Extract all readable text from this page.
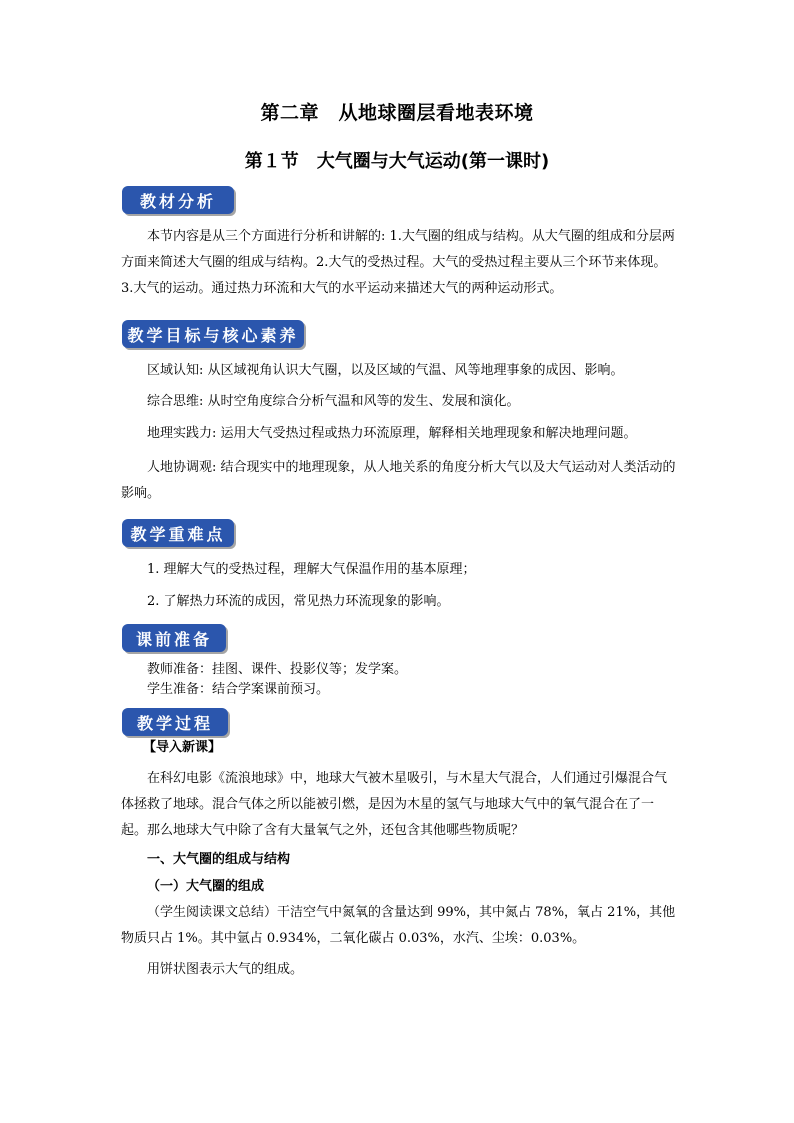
第二章　从地球圈层看地表环境
第１节　大气圈与大气运动(第一课时)
教材分析
本节内容是从三个方面进行分析和讲解的: 1.大气圈的组成与结构。从大气圈的组成和分层两方面来简述大气圈的组成与结构。2.大气的受热过程。大气的受热过程主要从三个环节来体现。3.大气的运动。通过热力环流和大气的水平运动来描述大气的两种运动形式。
教学目标与核心素养
区域认知: 从区域视角认识大气圈，以及区域的气温、风等地理事象的成因、影响。
综合思维: 从时空角度综合分析气温和风等的发生、发展和演化。
地理实践力: 运用大气受热过程或热力环流原理，解释相关地理现象和解决地理问题。
人地协调观: 结合现实中的地理现象，从人地关系的角度分析大气以及大气运动对人类活动的影响。
教学重难点
1. 理解大气的受热过程，理解大气保温作用的基本原理；
2. 了解热力环流的成因，常见热力环流现象的影响。
课前准备
教师准备：挂图、课件、投影仪等；发学案。
学生准备：结合学案课前预习。
教学过程
【导入新课】
在科幻电影《流浪地球》中，地球大气被木星吸引，与木星大气混合，人们通过引爆混合气体拯救了地球。混合气体之所以能被引燃，是因为木星的氢气与地球大气中的氧气混合在了一起。那么地球大气中除了含有大量氧气之外，还包含其他哪些物质呢？
一、大气圈的组成与结构
（一）大气圈的组成
（学生阅读课文总结）干洁空气中氮氧的含量达到 99%，其中氮占 78%，氧占 21%，其他物质只占 1%。其中氩占 0.934%，二氧化碳占 0.03%，水汽、尘埃：0.03%。
用饼状图表示大气的组成。
